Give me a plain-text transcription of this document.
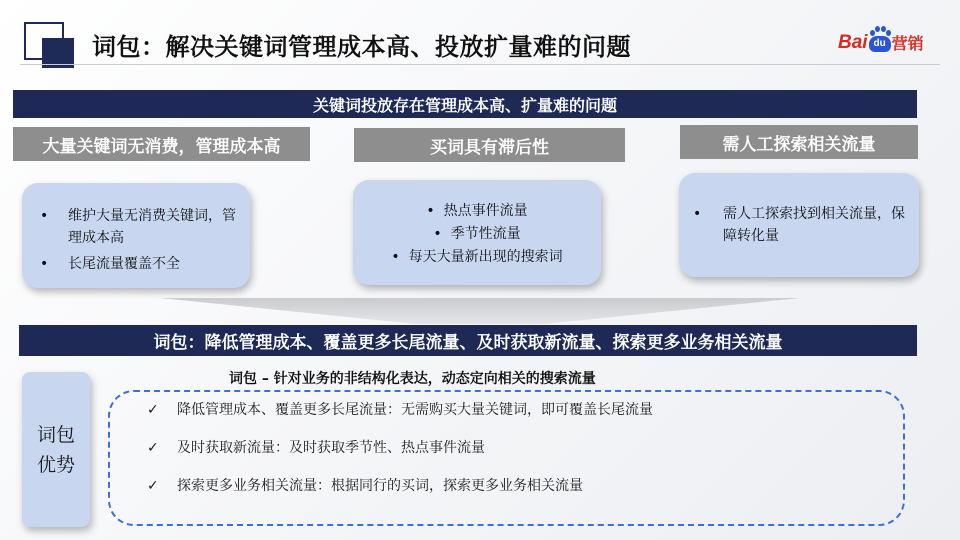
词包：解决关键词管理成本高、投放扩量难的问题	Bai du 营销
关键词投放存在管理成本高、扩量难的问题
大量关键词无消费，管理成本高	买词具有滞后性	需人工探索相关流量
• 维护大量无消费关键词，管理成本高
• 长尾流量覆盖不全
• 热点事件流量
• 季节性流量
• 每天大量新出现的搜索词
• 需人工探索找到相关流量，保障转化量
词包：降低管理成本、覆盖更多长尾流量、及时获取新流量、探索更多业务相关流量
词包 – 针对业务的非结构化表达，动态定向相关的搜索流量
词包
优势
✓ 降低管理成本、覆盖更多长尾流量：无需购买大量关键词，即可覆盖长尾流量
✓ 及时获取新流量：及时获取季节性、热点事件流量
✓ 探索更多业务相关流量：根据同行的买词，探索更多业务相关流量
